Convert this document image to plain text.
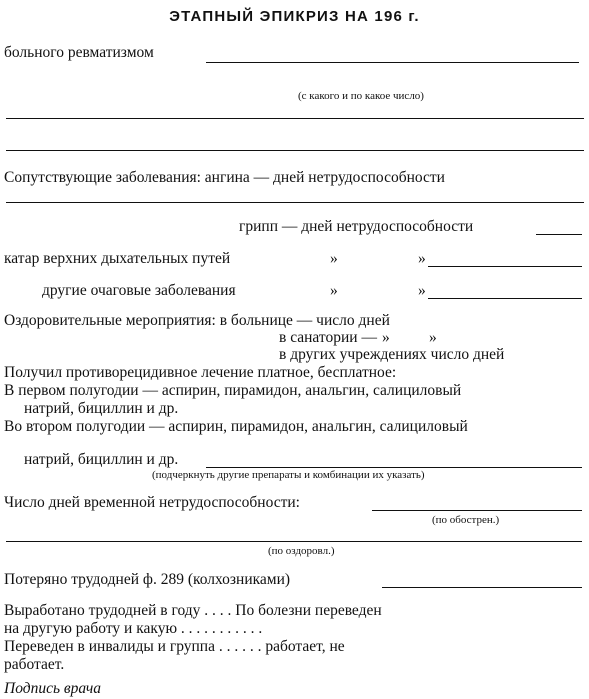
ЭТАПНЫЙ ЭПИКРИЗ НА 196 г.
больного ревматизмом
(с какого и по какое число)
Сопутствующие заболевания: ангина — дней нетрудоспособности
грипп — дней нетрудоспособности
катар верхних дыхательных путей	»	»
другие очаговые заболевания	»	»
Оздоровительные мероприятия: в больнице — число дней
в санатории — »	»
в других учреждениях число дней
Получил противорецидивное лечение платное, бесплатное:
В первом полугодии — аспирин, пирамидон, анальгин, салициловый
натрий, бициллин и др.
Во втором полугодии — аспирин, пирамидон, анальгин, салициловый
натрий, бициллин и др.
(подчеркнуть другие препараты и комбинации их указать)
Число дней временной нетрудоспособности:
(по обострен.)
(по оздоровл.)
Потеряно трудодней ф. 289 (колхозниками)
Выработано трудодней в году . . . . По болезни переведен
на другую работу и какую . . . . . . . . . . .
Переведен в инвалиды и группа . . . . . . работает, не
работает.
Подпись врача
